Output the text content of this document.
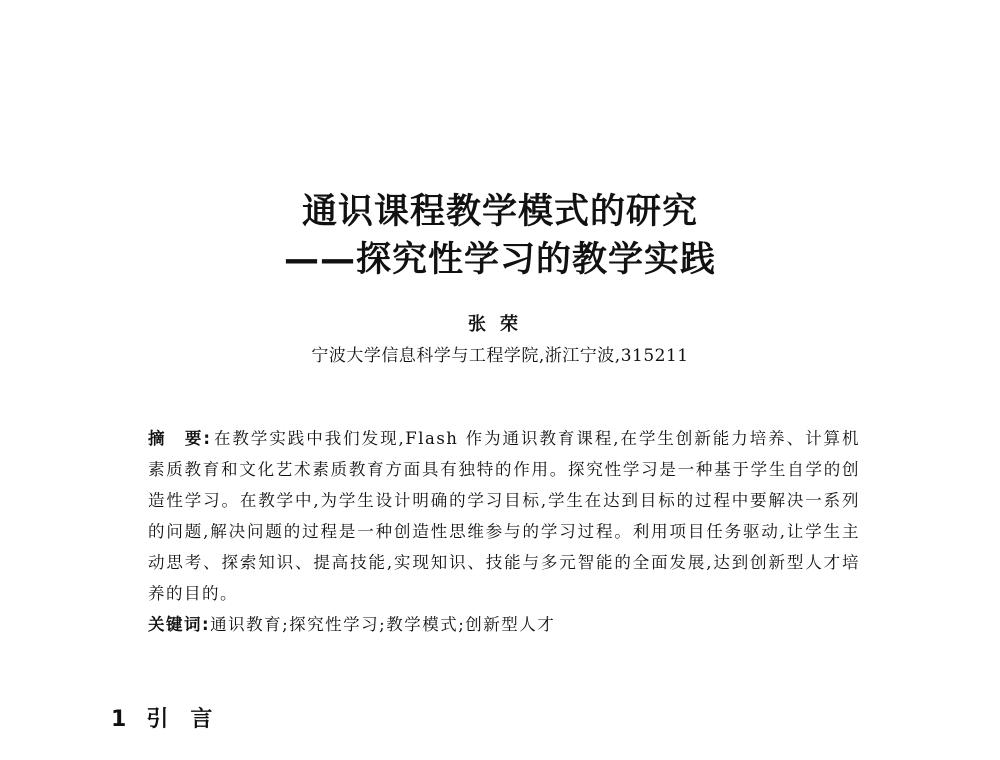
通识课程教学模式的研究
——探究性学习的教学实践
张荣
宁波大学信息科学与工程学院,浙江宁波,315211
摘 要: 在教学实践中我们发现,Flash 作为通识教育课程,在学生创新能力培养、计算机素质教育和文化艺术素质教育方面具有独特的作用。探究性学习是一种基于学生自学的创造性学习。在教学中,为学生设计明确的学习目标,学生在达到目标的过程中要解决一系列的问题,解决问题的过程是一种创造性思维参与的学习过程。利用项目任务驱动,让学生主动思考、探索知识、提高技能,实现知识、技能与多元智能的全面发展,达到创新型人才培养的目的。
关键词:通识教育;探究性学习;教学模式;创新型人才
1 引言
